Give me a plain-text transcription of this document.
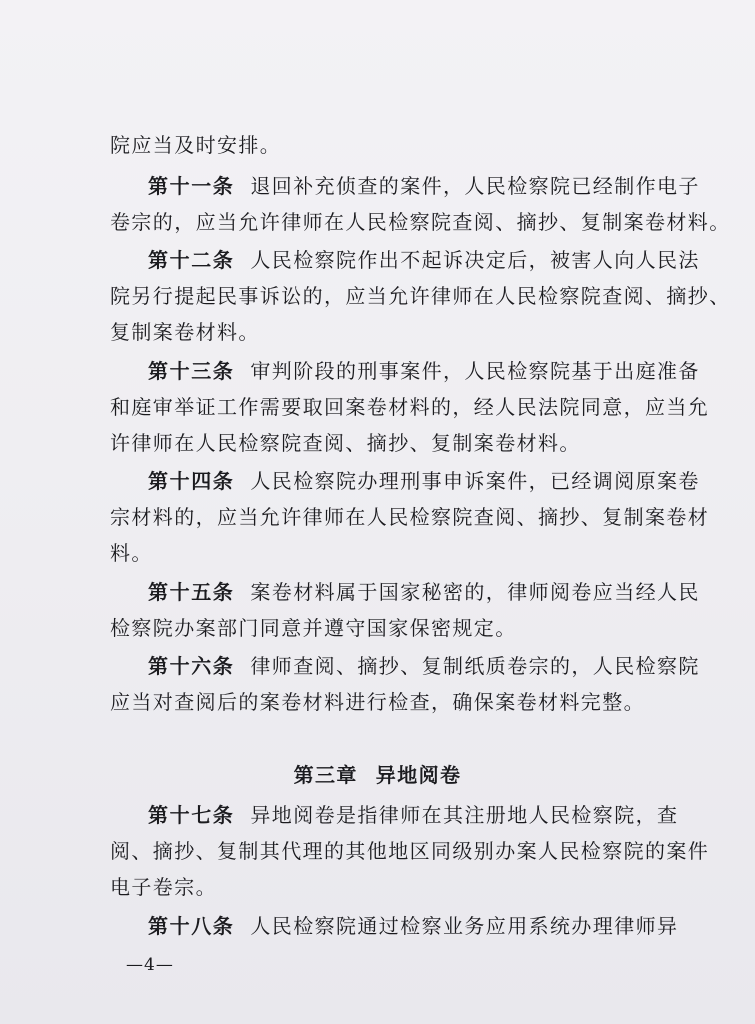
院应当及时安排。
第十一条 退回补充侦查的案件，人民检察院已经制作电子
卷宗的，应当允许律师在人民检察院查阅、摘抄、复制案卷材料。
第十二条 人民检察院作出不起诉决定后，被害人向人民法
院另行提起民事诉讼的，应当允许律师在人民检察院查阅、摘抄、
复制案卷材料。
第十三条 审判阶段的刑事案件，人民检察院基于出庭准备
和庭审举证工作需要取回案卷材料的，经人民法院同意，应当允
许律师在人民检察院查阅、摘抄、复制案卷材料。
第十四条 人民检察院办理刑事申诉案件，已经调阅原案卷
宗材料的，应当允许律师在人民检察院查阅、摘抄、复制案卷材
料。
第十五条 案卷材料属于国家秘密的，律师阅卷应当经人民
检察院办案部门同意并遵守国家保密规定。
第十六条 律师查阅、摘抄、复制纸质卷宗的，人民检察院
应当对查阅后的案卷材料进行检查，确保案卷材料完整。
第三章 异地阅卷
第十七条 异地阅卷是指律师在其注册地人民检察院，查
阅、摘抄、复制其代理的其他地区同级别办案人民检察院的案件
电子卷宗。
第十八条 人民检察院通过检察业务应用系统办理律师异
—4—
